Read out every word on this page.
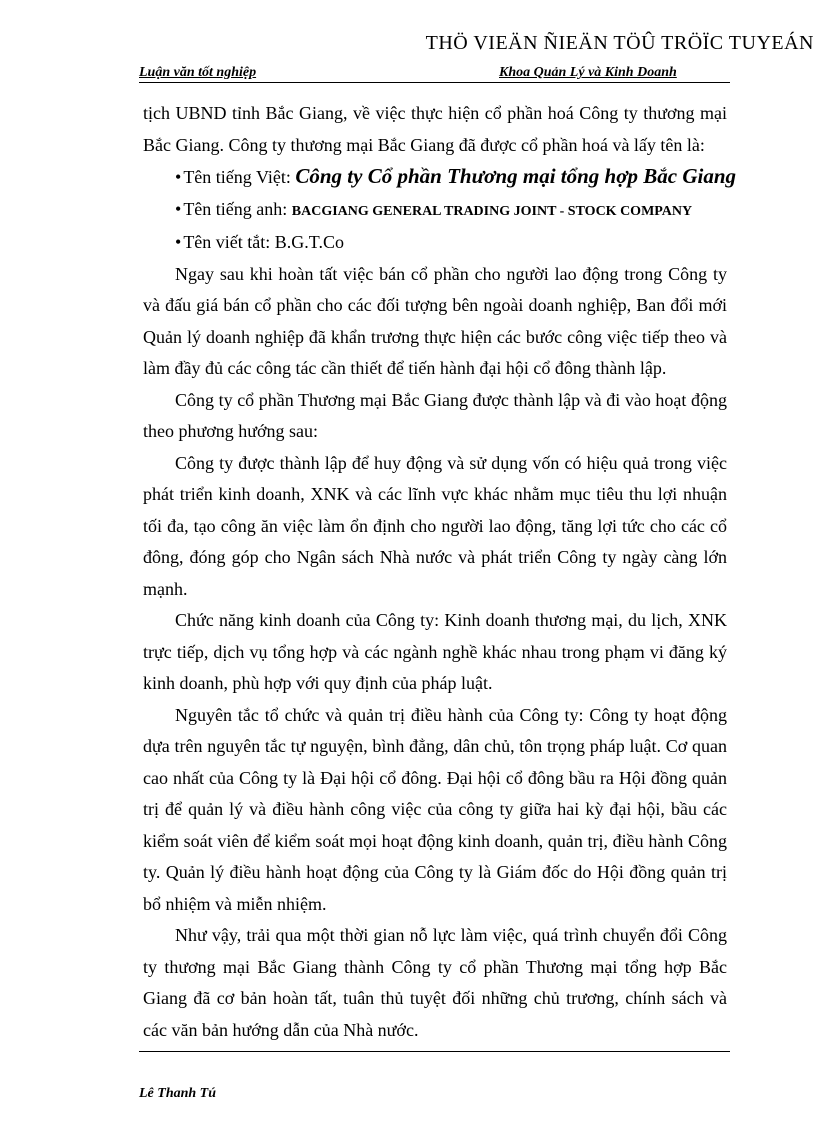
THÖ VIEÄN ÑIEÄN TÖÛ TRÖÏC TUYEÁN
Luận văn tốt nghiệp	Khoa Quản Lý và Kinh Doanh

tịch UBND tỉnh Bắc Giang, về việc thực hiện cổ phần hoá Công ty thương mại Bắc Giang. Công ty thương mại Bắc Giang đã được cổ phần hoá và lấy tên là:

• Tên tiếng Việt: Công ty Cổ phần Thương mại tổng hợp Bắc Giang
• Tên tiếng anh: BACGIANG GENERAL TRADING JOINT - STOCK COMPANY
• Tên viết tắt: B.G.T.Co

Ngay sau khi hoàn tất việc bán cổ phần cho người lao động trong Công ty và đấu giá bán cổ phần cho các đối tượng bên ngoài doanh nghiệp, Ban đổi mới Quản lý doanh nghiệp đã khẩn trương thực hiện các bước công việc tiếp theo và làm đầy đủ các công tác cần thiết để tiến hành đại hội cổ đông thành lập.

Công ty cổ phần Thương mại Bắc Giang được thành lập và đi vào hoạt động theo phương hướng sau:

Công ty được thành lập để huy động và sử dụng vốn có hiệu quả trong việc phát triển kinh doanh, XNK và các lĩnh vực khác nhằm mục tiêu thu lợi nhuận tối đa, tạo công ăn việc làm ổn định cho người lao động, tăng lợi tức cho các cổ đông, đóng góp cho Ngân sách Nhà nước và phát triển Công ty ngày càng lớn mạnh.

Chức năng kinh doanh của Công ty: Kinh doanh thương mại, du lịch, XNK trực tiếp, dịch vụ tổng hợp và các ngành nghề khác nhau trong phạm vi đăng ký kinh doanh, phù hợp với quy định của pháp luật.

Nguyên tắc tổ chức và quản trị điều hành của Công ty: Công ty hoạt động dựa trên nguyên tắc tự nguyện, bình đẳng, dân chủ, tôn trọng pháp luật. Cơ quan cao nhất của Công ty là Đại hội cổ đông. Đại hội cổ đông bầu ra Hội đồng quản trị để quản lý và điều hành công việc của công ty giữa hai kỳ đại hội, bầu các kiểm soát viên để kiểm soát mọi hoạt động kinh doanh, quản trị, điều hành Công ty. Quản lý điều hành hoạt động của Công ty là Giám đốc do Hội đồng quản trị bổ nhiệm và miễn nhiệm.

Như vậy, trải qua một thời gian nỗ lực làm việc, quá trình chuyển đổi Công ty thương mại Bắc Giang thành Công ty cổ phần Thương mại tổng hợp Bắc Giang đã cơ bản hoàn tất, tuân thủ tuyệt đối những chủ trương, chính sách và các văn bản hướng dẫn của Nhà nước.

Lê Thanh Tú
